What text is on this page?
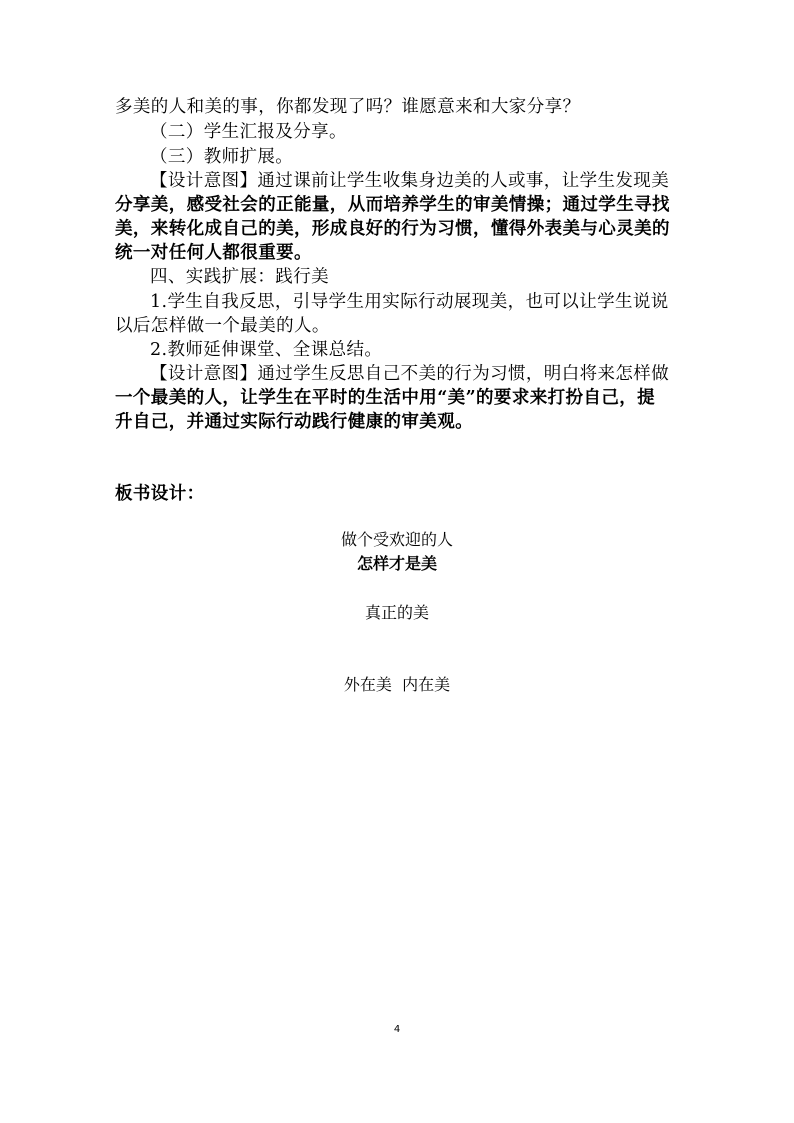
多美的人和美的事，你都发现了吗？谁愿意来和大家分享？
（二）学生汇报及分享。
（三）教师扩展。
【设计意图】通过课前让学生收集身边美的人或事，让学生发现美
分享美，感受社会的正能量，从而培养学生的审美情操；通过学生寻找
美，来转化成自己的美，形成良好的行为习惯，懂得外表美与心灵美的
统一对任何人都很重要。
四、实践扩展：践行美
1.学生自我反思，引导学生用实际行动展现美，也可以让学生说说
以后怎样做一个最美的人。
2.教师延伸课堂、全课总结。
【设计意图】通过学生反思自己不美的行为习惯，明白将来怎样做
一个最美的人，让学生在平时的生活中用“美”的要求来打扮自己，提
升自己，并通过实际行动践行健康的审美观。
板书设计：
做个受欢迎的人
怎样才是美
真正的美
外在美  内在美
4
